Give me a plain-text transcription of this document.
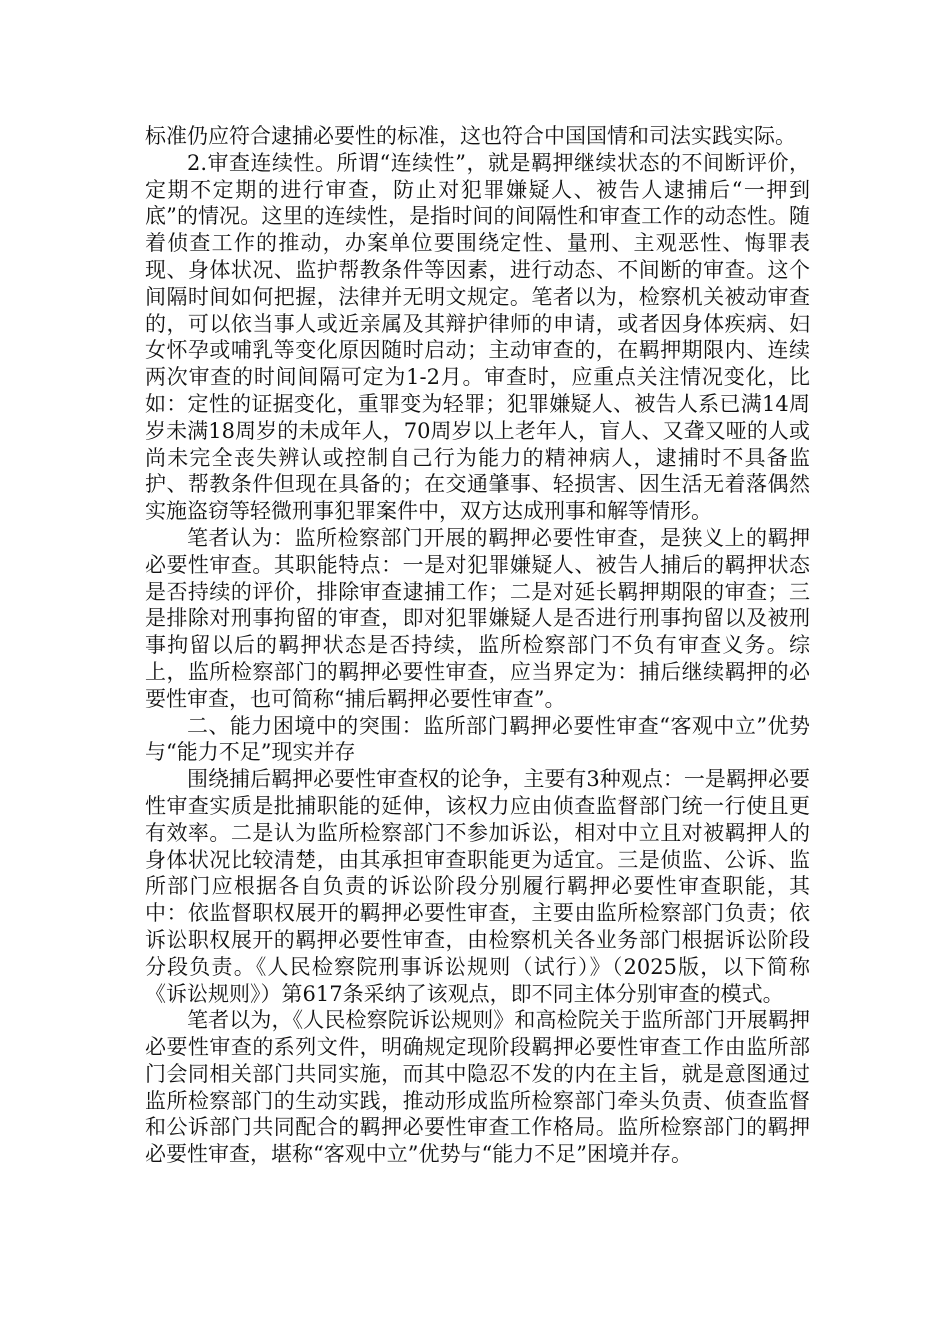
标准仍应符合逮捕必要性的标准，这也符合中国国情和司法实践实际。

2.审查连续性。所谓“连续性”，就是羁押继续状态的不间断评价，定期不定期的进行审查，防止对犯罪嫌疑人、被告人逮捕后“一押到底”的情况。这里的连续性，是指时间的间隔性和审查工作的动态性。随着侦查工作的推动，办案单位要围绕定性、量刑、主观恶性、悔罪表现、身体状况、监护帮教条件等因素，进行动态、不间断的审查。这个间隔时间如何把握，法律并无明文规定。笔者以为，检察机关被动审查的，可以依当事人或近亲属及其辩护律师的申请，或者因身体疾病、妇女怀孕或哺乳等变化原因随时启动；主动审查的，在羁押期限内、连续两次审查的时间间隔可定为1-2月。审查时，应重点关注情况变化，比如：定性的证据变化，重罪变为轻罪；犯罪嫌疑人、被告人系已满14周岁未满18周岁的未成年人，70周岁以上老年人，盲人、又聋又哑的人或尚未完全丧失辨认或控制自己行为能力的精神病人，逮捕时不具备监护、帮教条件但现在具备的；在交通肇事、轻损害、因生活无着落偶然实施盗窃等轻微刑事犯罪案件中，双方达成刑事和解等情形。

笔者认为：监所检察部门开展的羁押必要性审查，是狭义上的羁押必要性审查。其职能特点：一是对犯罪嫌疑人、被告人捕后的羁押状态是否持续的评价，排除审查逮捕工作；二是对延长羁押期限的审查；三是排除对刑事拘留的审查，即对犯罪嫌疑人是否进行刑事拘留以及被刑事拘留以后的羁押状态是否持续，监所检察部门不负有审查义务。综上，监所检察部门的羁押必要性审查，应当界定为：捕后继续羁押的必要性审查，也可简称“捕后羁押必要性审查”。

二、能力困境中的突围：监所部门羁押必要性审查“客观中立”优势与“能力不足”现实并存

围绕捕后羁押必要性审查权的论争，主要有3种观点：一是羁押必要性审查实质是批捕职能的延伸，该权力应由侦查监督部门统一行使且更有效率。二是认为监所检察部门不参加诉讼，相对中立且对被羁押人的身体状况比较清楚，由其承担审查职能更为适宜。三是侦监、公诉、监所部门应根据各自负责的诉讼阶段分别履行羁押必要性审查职能，其中：依监督职权展开的羁押必要性审查，主要由监所检察部门负责；依诉讼职权展开的羁押必要性审查，由检察机关各业务部门根据诉讼阶段分段负责。《人民检察院刑事诉讼规则（试行）》（2025版，以下简称《诉讼规则》）第617条采纳了该观点，即不同主体分别审查的模式。

笔者以为，《人民检察院诉讼规则》和高检院关于监所部门开展羁押必要性审查的系列文件，明确规定现阶段羁押必要性审查工作由监所部门会同相关部门共同实施，而其中隐忍不发的内在主旨，就是意图通过监所检察部门的生动实践，推动形成监所检察部门牵头负责、侦查监督和公诉部门共同配合的羁押必要性审查工作格局。监所检察部门的羁押必要性审查，堪称“客观中立”优势与“能力不足”困境并存。
